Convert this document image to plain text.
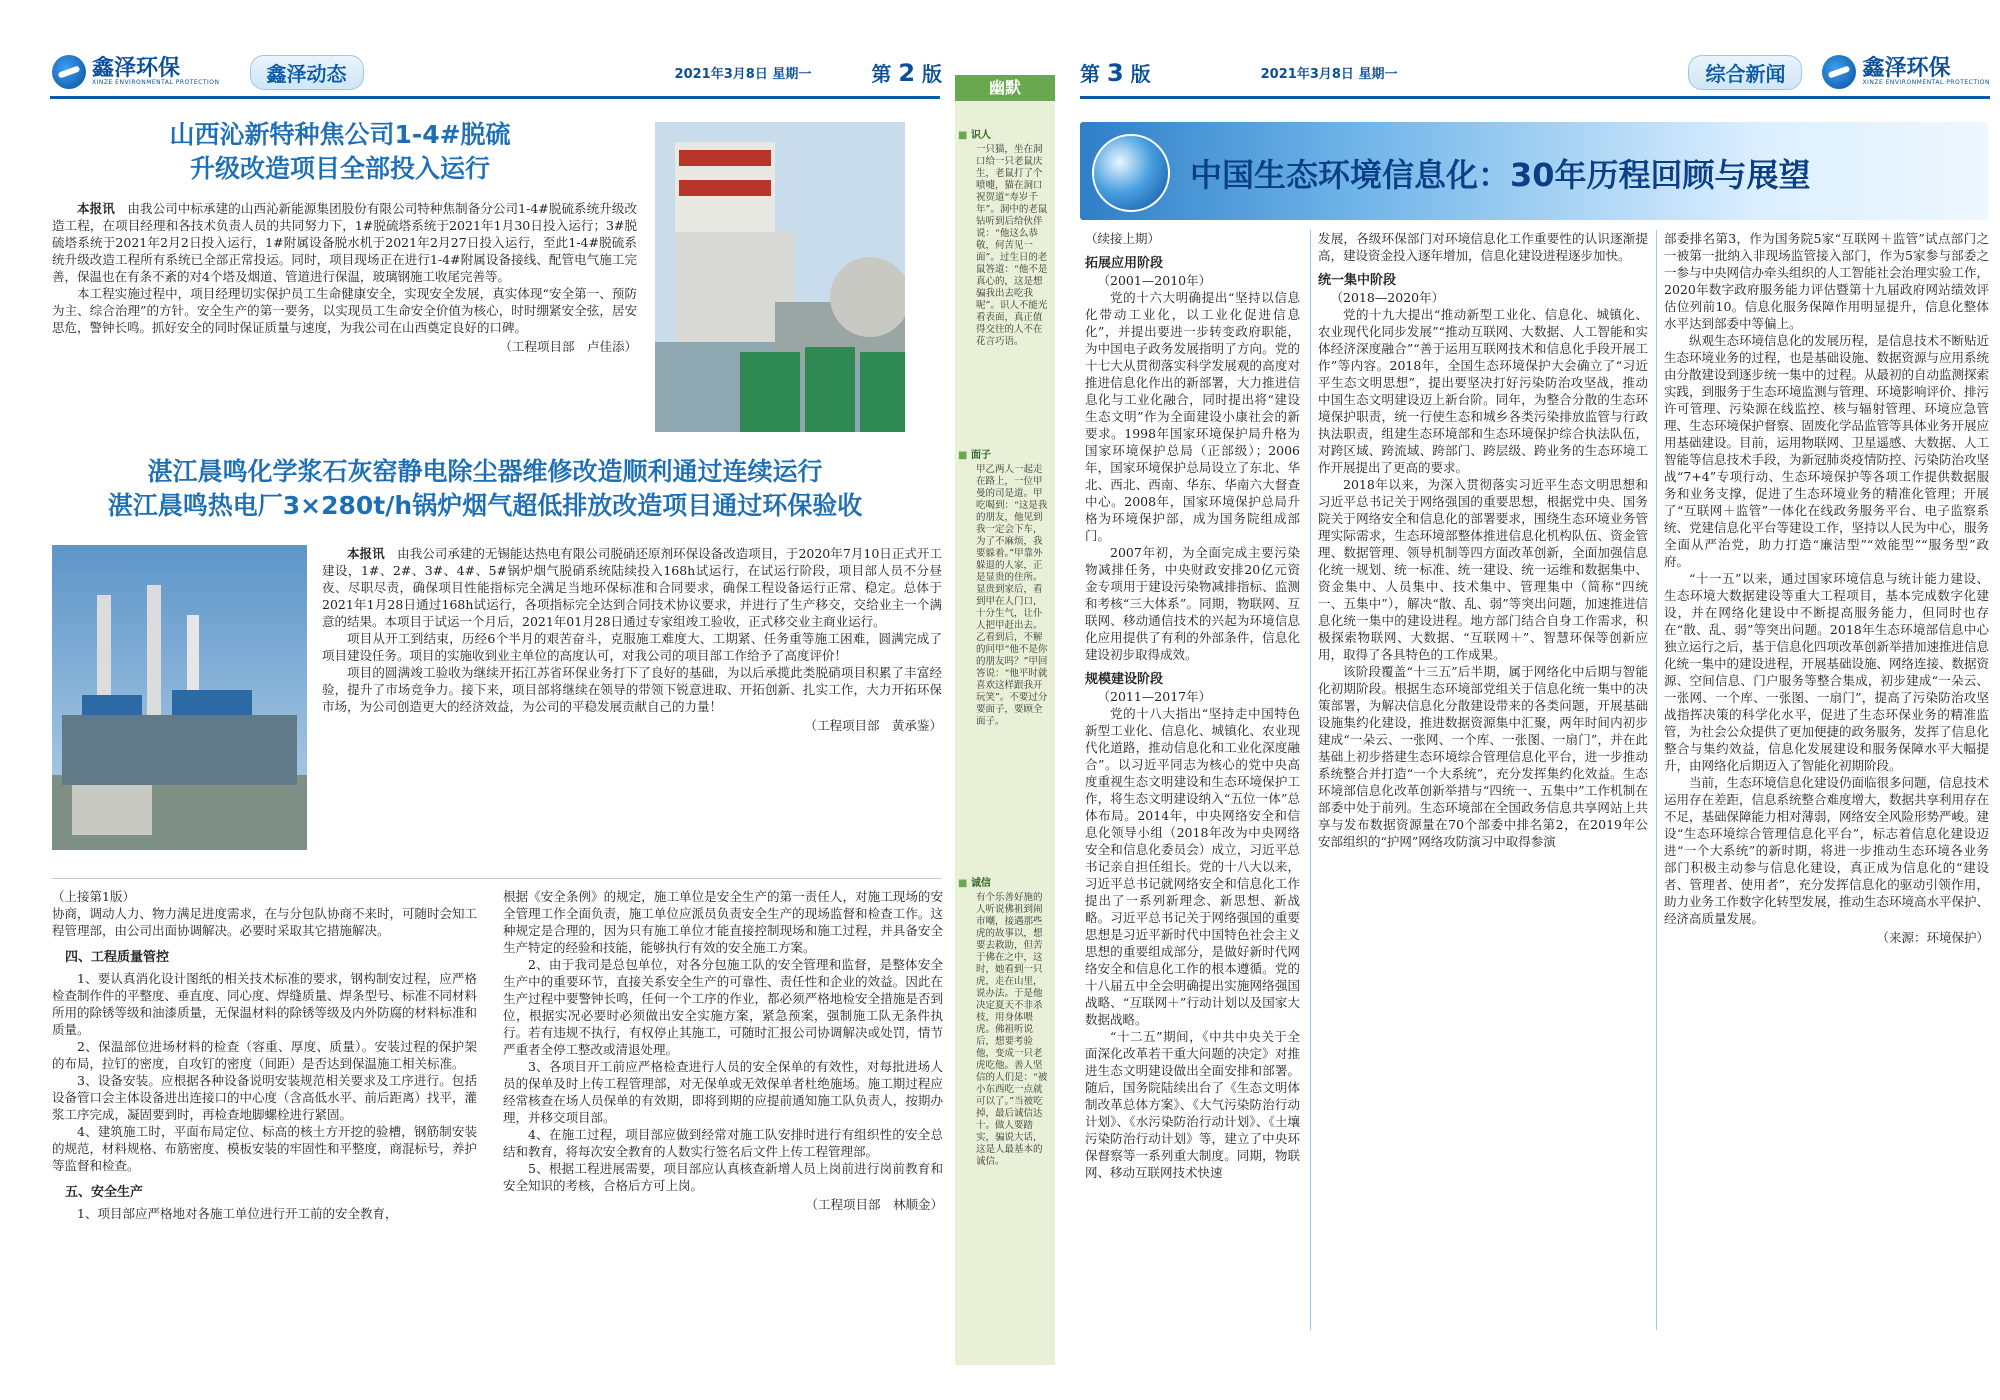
鑫泽环保
XINZE ENVIRONMENTAL PROTECTION	鑫泽动态	2021年3月8日 星期一	第 2 版
山西沁新特种焦公司1-4#脱硫
升级改造项目全部投入运行

本报讯　 由我公司中标承建的山西沁新能源集团股份有限公司特种焦制备分公司1-4#脱硫系统升级改造工程，在项目经理和各技术负责人员的共同努力下，1#脱硫塔系统于2021年1月30日投入运行；3#脱硫塔系统于2021年2月2日投入运行，1#附属设备脱水机于2021年2月27日投入运行，至此1-4#脱硫系统升级改造工程所有系统已全部正常投运。同时，项目现场正在进行1-4#附属设备接线、配管电气施工完善，保温也在有条不紊的对4个塔及烟道、管道进行保温，玻璃钢施工收尾完善等。

本工程实施过程中，项目经理切实保护员工生命健康安全，实现安全发展，真实体现“安全第一、预防为主、综合治理”的方针。安全生产的第一要务，以实现员工生命安全价值为核心，时时绷紧安全弦，居安思危，警钟长鸣。抓好安全的同时保证质量与速度，为我公司在山西奠定良好的口碑。

（工程项目部　卢佳添）
湛江晨鸣化学浆石灰窑静电除尘器维修改造顺利通过连续运行
湛江晨鸣热电厂3×280t/h锅炉烟气超低排放改造项目通过环保验收

本报讯　 由我公司承建的无锡能达热电有限公司脱硝还原剂环保设备改造项目，于2020年7月10日正式开工建设，1#、2#、3#、4#、5#锅炉烟气脱硝系统陆续投入168h试运行，在试运行阶段，项目部人员不分昼夜、尽职尽责，确保项目性能指标完全满足当地环保标准和合同要求，确保工程设备运行正常、稳定。总体于2021年1月28日通过168h试运行，各项指标完全达到合同技术协议要求，并进行了生产移交，交给业主一个满意的结果。本项目于试运一个月后，2021年01月28日通过专家组竣工验收，正式移交业主商业运行。

项目从开工到结束，历经6个半月的艰苦奋斗，克服施工难度大、工期紧、任务重等施工困难，圆满完成了项目建设任务。项目的实施收到业主单位的高度认可，对我公司的项目部工作给予了高度评价！

项目的圆满竣工验收为继续开拓江苏省环保业务打下了良好的基础，为以后承揽此类脱硝项目积累了丰富经验，提升了市场竞争力。接下来，项目部将继续在领导的带领下锐意进取、开拓创新、扎实工作，大力开拓环保市场，为公司创造更大的经济效益，为公司的平稳发展贡献自己的力量！

（工程项目部　黄承鉴）
（上接第1版）

协商，调动人力、物力满足进度需求，在与分包队协商不来时，可随时会知工程管理部，由公司出面协调解决。必要时采取其它措施解决。

四、工程质量管控

1、要认真消化设计图纸的相关技术标准的要求，钢构制安过程，应严格检查制作件的平整度、垂直度、同心度、焊缝质量、焊条型号、标准不同材料所用的除锈等级和油漆质量，无保温材料的除锈等级及内外防腐的材料标准和质量。

2、保温部位进场材料的检查（容重、厚度、质量）。安装过程的保护架的布局，拉钉的密度，自攻钉的密度（间距）是否达到保温施工相关标准。

3、设备安装。应根据各种设备说明安装规范相关要求及工序进行。包括设备管口会主体设备进出连接口的中心度（含高低水平、前后距离）找平，灌浆工序完成，凝固要到时，再检查地脚螺栓进行紧固。

4、建筑施工时，平面布局定位、标高的核土方开挖的验槽，钢筋制安装的规范，材料规格、布筋密度、模板安装的牢固性和平整度，商混标号，养护等监督和检查。

五、安全生产

1、项目部应严格地对各施工单位进行开工前的安全教育，

根据《安全条例》的规定，施工单位是安全生产的第一责任人，对施工现场的安全管理工作全面负责，施工单位应派员负责安全生产的现场监督和检查工作。这种规定是合理的，因为只有施工单位才能直接控制现场和施工过程，并具备安全生产特定的经验和技能，能够执行有效的安全施工方案。

2、由于我司是总包单位，对各分包施工队的安全管理和监督，是整体安全生产中的重要环节，直接关系安全生产的可靠性、责任性和企业的效益。因此在生产过程中要警钟长鸣，任何一个工序的作业，都必须严格地检安全措施是否到位，根据实况必要时必须做出安全实施方案，紧急预案，强制施工队无条件执行。若有违规不执行，有权停止其施工，可随时汇报公司协调解决或处罚，情节严重者全停工整改或清退处理。

3、各项目开工前应严格检查进行人员的安全保单的有效性，对每批进场人员的保单及时上传工程管理部，对无保单或无效保单者杜绝施场。施工期过程应经常核查在场人员保单的有效期，即将到期的应提前通知施工队负责人，按期办理，并移交项目部。

4、在施工过程，项目部应做到经常对施工队安排时进行有组织性的安全总结和教育，将每次安全教育的人数实行签名后文件上传工程管理部。

5、根据工程进展需要，项目部应认真核查新增人员上岗前进行岗前教育和安全知识的考核，合格后方可上岗。

（工程项目部　林顺金）
幽默
■ 识人
一只猫，坐在洞口给一只老鼠庆生，老鼠打了个喷嚏，猫在洞口祝贺道“寿岁千年”。洞中的老鼠钻听到后给伙伴说：“他这么恭敬，何苦见一面”。过生日的老鼠答道：“他不是真心的，这是想骗我出去吃我呢”。识人不能光看表面，真正值得交往的人不在花言巧语。
■ 面子
甲乙两人一起走在路上，一位甲曼的司是道。甲吃喝到：“这是我的朋友，他见到我一定会下车，为了不麻烦，我要躲着。”甲靠外躲退的人家，正是显贵的住所。显贵到家后，看到甲在人门口，十分生气，让仆人把甲赶出去。乙看到后，不解的问甲“他不是你的朋友吗？”甲回答说：“他平时就喜欢这样跟我开玩笑”。不要过分要面子，要顾全面子。
■ 诚信
有个乐善好施的人听说佛祖到闹市嘲，接遇那些虎的故事以，想要去救助，但苦于佛在之中，这时，她看到一只虎，走在山里，说办法。于是他决定夏天不非杀枝，用身体喂虎。佛祖听说后，想要考验他，变成一只老虎吃他。善人坚信的人们是：“被小东西吃一点就可以了。”当被吃掉，最后诚信达十。做人要踏实，骗说大话，这是人最基本的诚信。
第 3 版	2021年3月8日 星期一	综合新闻	鑫泽环保
XINZE ENVIRONMENTAL PROTECTION
中国生态环境信息化：30年历程回顾与展望
（续接上期）
拓展应用阶段
（2001—2010年）

党的十六大明确提出“坚持以信息化带动工业化，以工业化促进信息化”，并提出要进一步转变政府职能，为中国电子政务发展指明了方向。党的十七大从贯彻落实科学发展观的高度对推进信息化作出的新部署，大力推进信息化与工业化融合，同时提出将“建设生态文明”作为全面建设小康社会的新要求。1998年国家环境保护局升格为国家环境保护总局（正部级）；2006年，国家环境保护总局设立了东北、华北、西北、西南、华东、华南六大督查中心。2008年，国家环境保护总局升格为环境保护部，成为国务院组成部门。

2007年初，为全面完成主要污染物减排任务，中央财政安排20亿元资金专项用于建设污染物减排指标、监测和考核“三大体系”。同期，物联网、互联网、移动通信技术的兴起为环境信息化应用提供了有利的外部条件，信息化建设初步取得成效。

规模建设阶段
（2011—2017年）

党的十八大指出“坚持走中国特色新型工业化、信息化、城镇化、农业现代化道路，推动信息化和工业化深度融合”。以习近平同志为核心的党中央高度重视生态文明建设和生态环境保护工作，将生态文明建设纳入“五位一体”总体布局。2014年，中央网络安全和信息化领导小组（2018年改为中央网络安全和信息化委员会）成立，习近平总书记亲自担任组长。党的十八大以来，习近平总书记就网络安全和信息化工作提出了一系列新理念、新思想、新战略。习近平总书记关于网络强国的重要思想是习近平新时代中国特色社会主义思想的重要组成部分，是做好新时代网络安全和信息化工作的根本遵循。党的十八届五中全会明确提出实施网络强国战略、“互联网＋”行动计划以及国家大数据战略。

“十二五”期间，《中共中央关于全面深化改革若干重大问题的决定》对推进生态文明建设做出全面安排和部署。随后，国务院陆续出台了《生态文明体制改革总体方案》、《大气污染防治行动计划》、《水污染防治行动计划》、《土壤污染防治行动计划》等，建立了中央环保督察等一系列重大制度。同期，物联网、移动互联网技术快速

发展，各级环保部门对环境信息化工作重要性的认识逐渐提高，建设资金投入逐年增加，信息化建设进程逐步加快。

统一集中阶段
（2018—2020年）

党的十九大提出“推动新型工业化、信息化、城镇化、农业现代化同步发展”“推动互联网、大数据、人工智能和实体经济深度融合”“善于运用互联网技术和信息化手段开展工作”等内容。2018年，全国生态环境保护大会确立了“习近平生态文明思想”，提出要坚决打好污染防治攻坚战，推动中国生态文明建设迈上新台阶。同年，为整合分散的生态环境保护职责，统一行使生态和城乡各类污染排放监管与行政执法职责，组建生态环境部和生态环境保护综合执法队伍，对跨区域、跨流域、跨部门、跨层级、跨业务的生态环境工作开展提出了更高的要求。

2018年以来，为深入贯彻落实习近平生态文明思想和习近平总书记关于网络强国的重要思想，根据党中央、国务院关于网络安全和信息化的部署要求，围绕生态环境业务管理实际需求，生态环境部整体推进信息化机构队伍、资金管理、数据管理、领导机制等四方面改革创新，全面加强信息化统一规划、统一标准、统一建设、统一运维和数据集中、资金集中、人员集中、技术集中、管理集中（简称“四统一、五集中”），解决“散、乱、弱”等突出问题，加速推进信息化统一集中的建设进程。地方部门结合自身工作需求，积极探索物联网、大数据、“互联网＋”、智慧环保等创新应用，取得了各具特色的工作成果。

该阶段覆盖“十三五”后半期，属于网络化中后期与智能化初期阶段。根据生态环境部党组关于信息化统一集中的决策部署，为解决信息化分散建设带来的各类问题，开展基础设施集约化建设，推进数据资源集中汇聚，两年时间内初步建成“一朵云、一张网、一个库、一张图、一扇门”，并在此基础上初步搭建生态环境综合管理信息化平台，进一步推动系统整合并打造“一个大系统”，充分发挥集约化效益。生态环境部信息化改革创新举措与“四统一、五集中”工作机制在部委中处于前列。生态环境部在全国政务信息共享网站上共享与发布数据资源量在70个部委中排名第2，在2019年公安部组织的“护网”网络攻防演习中取得参演

部委排名第3，作为国务院5家“互联网＋监管”试点部门之一被第一批纳入非现场监管接入部门，作为5家参与部委之一参与中央网信办牵头组织的人工智能社会治理实验工作，2020年数字政府服务能力评估暨第十九届政府网站绩效评估位列前10。信息化服务保障作用明显提升，信息化整体水平达到部委中等偏上。

纵观生态环境信息化的发展历程，是信息技术不断贴近生态环境业务的过程，也是基础设施、数据资源与应用系统由分散建设到逐步统一集中的过程。从最初的自动监测探索实践，到服务于生态环境监测与管理、环境影响评价、排污许可管理、污染源在线监控、核与辐射管理、环境应急管理、生态环境保护督察、固废化学品监管等具体业务开展应用基础建设。目前，运用物联网、卫星遥感、大数据、人工智能等信息技术手段，为新冠肺炎疫情防控、污染防治攻坚战“7+4”专项行动、生态环境保护等各项工作提供数据服务和业务支撑，促进了生态环境业务的精准化管理；开展了“互联网＋监管”一体化在线政务服务平台、电子监察系统、党建信息化平台等建设工作，坚持以人民为中心，服务全面从严治党，助力打造“廉洁型”“效能型”“服务型”政府。

“十一五”以来，通过国家环境信息与统计能力建设、生态环境大数据建设等重大工程项目，基本完成数字化建设，并在网络化建设中不断提高服务能力，但同时也存在“散、乱、弱”等突出问题。2018年生态环境部信息中心独立运行之后，基于信息化四项改革创新举措加速推进信息化统一集中的建设进程，开展基础设施、网络连接、数据资源、空间信息、门户服务等整合集成，初步建成“一朵云、一张网、一个库、一张图、一扇门”，提高了污染防治攻坚战指挥决策的科学化水平，促进了生态环保业务的精准监管，为社会公众提供了更加便捷的政务服务，发挥了信息化整合与集约效益，信息化发展建设和服务保障水平大幅提升，由网络化后期迈入了智能化初期阶段。

当前，生态环境信息化建设仍面临很多问题，信息技术运用存在差距，信息系统整合难度增大，数据共享利用存在不足，基础保障能力相对薄弱，网络安全风险形势严峻。建设“生态环境综合管理信息化平台”，标志着信息化建设迈进“一个大系统”的新时期，将进一步推动生态环境各业务部门积极主动参与信息化建设，真正成为信息化的“建设者、管理者、使用者”，充分发挥信息化的驱动引领作用，助力业务工作数字化转型发展，推动生态环境高水平保护、经济高质量发展。

（来源：环境保护）
